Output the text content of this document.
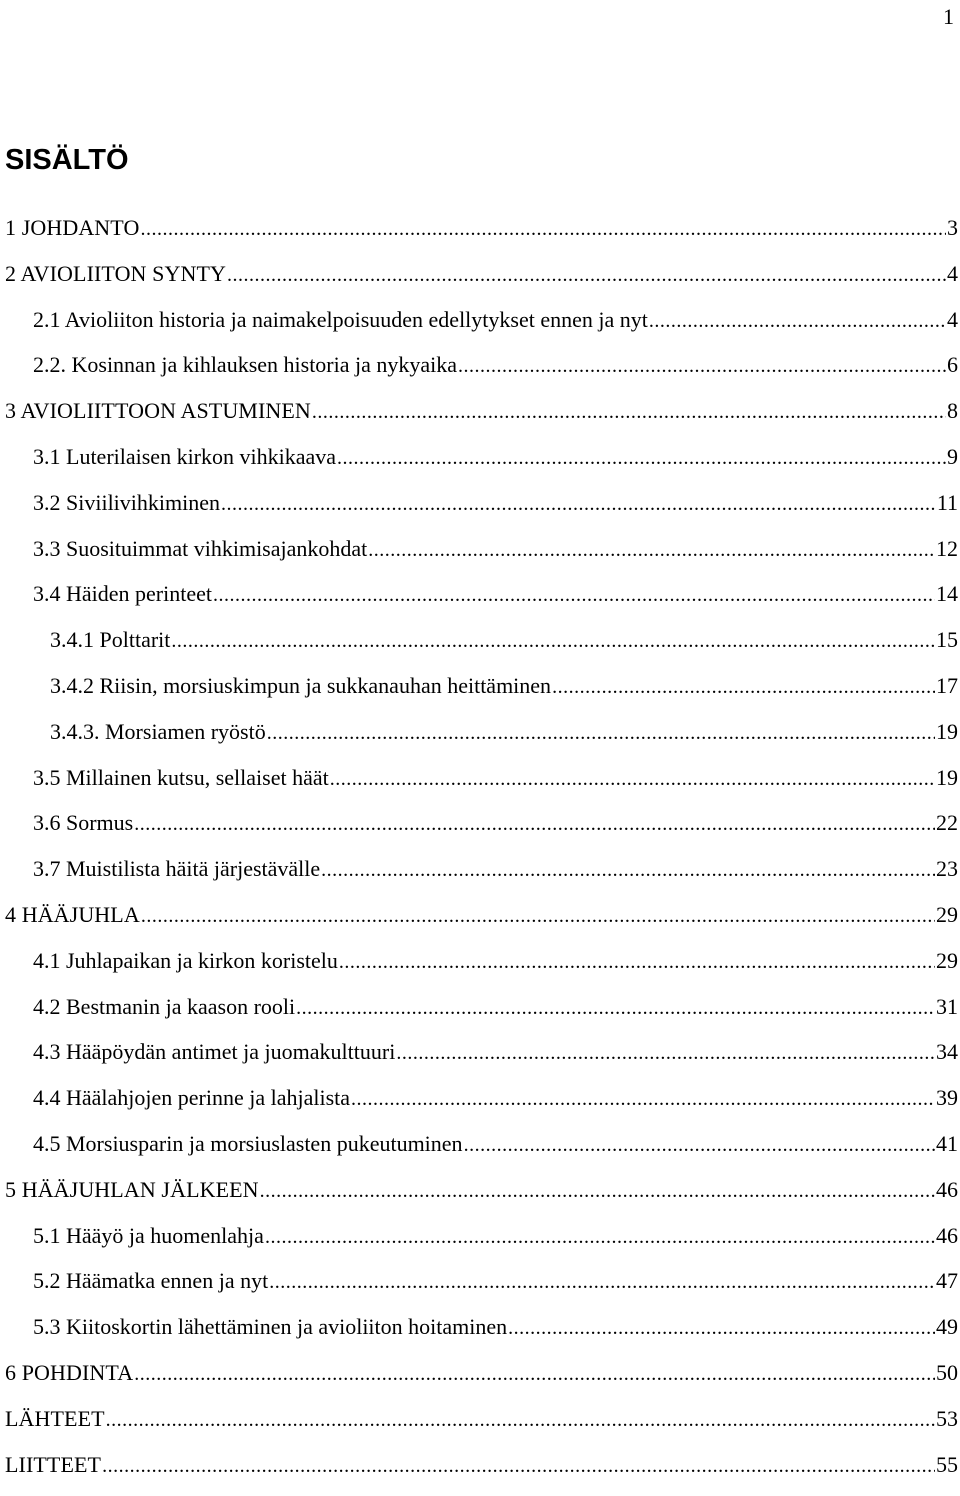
1
SISÄLTÖ
1 JOHDANTO .....	3
2 AVIOLIITON SYNTY .....	4
2.1 Avioliiton historia ja naimakelpoisuuden edellytykset ennen ja nyt .....	4
2.2. Kosinnan ja kihlauksen historia ja nykyaika .....	6
3 AVIOLIITTOON ASTUMINEN .....	8
3.1 Luterilaisen kirkon vihkikaava .....	9
3.2 Siviilivihkiminen .....	11
3.3 Suosituimmat vihkimisajankohdat .....	12
3.4 Häiden perinteet .....	14
3.4.1 Polttarit .....	15
3.4.2 Riisin, morsiuskimpun ja sukkanauhan heittäminen .....	17
3.4.3. Morsiamen ryöstö .....	19
3.5 Millainen kutsu, sellaiset häät .....	19
3.6 Sormus .....	22
3.7 Muistilista häitä järjestävälle .....	23
4 HÄÄJUHLA .....	29
4.1 Juhlapaikan ja kirkon koristelu .....	29
4.2 Bestmanin ja kaason rooli .....	31
4.3 Hääpöydän antimet ja juomakulttuuri .....	34
4.4 Häälahjojen perinne ja lahjalista .....	39
4.5 Morsiusparin ja morsiuslasten pukeutuminen .....	41
5 HÄÄJUHLAN JÄLKEEN .....	46
5.1 Hääyö ja huomenlahja .....	46
5.2 Häämatka ennen ja nyt .....	47
5.3 Kiitoskortin lähettäminen ja avioliiton hoitaminen .....	49
6 POHDINTA .....	50
LÄHTEET .....	53
LIITTEET .....	55
